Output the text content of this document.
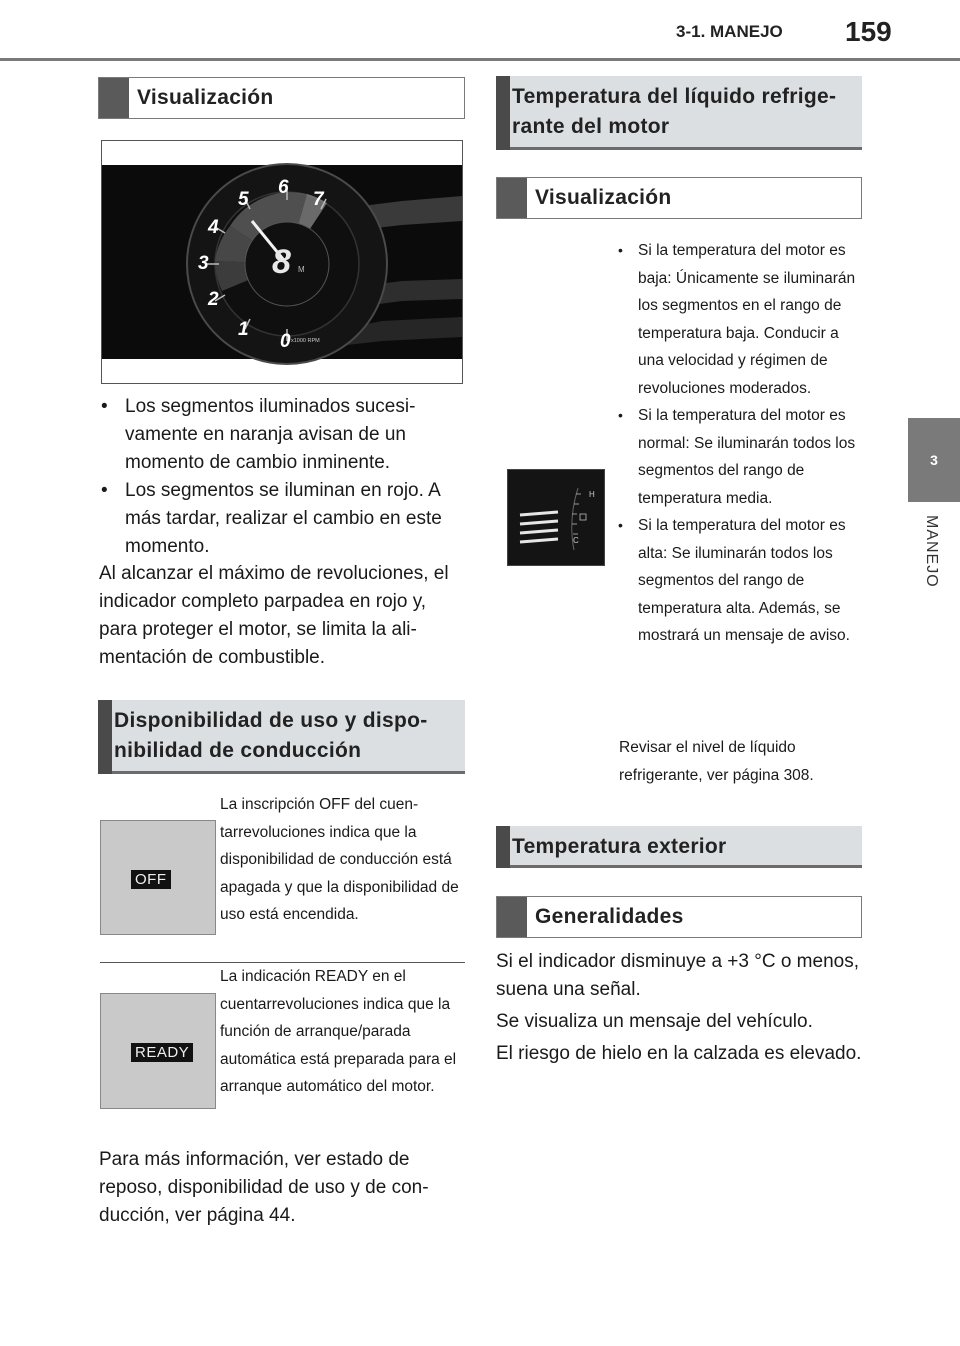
3-1. MANEJO 159
3
MANEJO
Visualización
0
1
2
3
4
5
6
7
8 M
x1000 RPM
• Los segmentos iluminados sucesivamente en naranja avisan de un momento de cambio inminente.
• Los segmentos se iluminan en rojo. A más tardar, realizar el cambio en este momento.
Al alcanzar el máximo de revoluciones, el indicador completo parpadea en rojo y, para proteger el motor, se limita la alimentación de combustible.
Disponibilidad de uso y disponibilidad de conducción
OFF
La inscripción OFF del cuentarrevoluciones indica que la disponibilidad de conducción está apagada y que la disponibilidad de uso está encendida.
READY
La indicación READY en el cuentarrevoluciones indica que la función de arranque/parada automática está preparada para el arranque automático del motor.
Para más información, ver estado de reposo, disponibilidad de uso y de conducción, ver página 44.
Temperatura del líquido refrigerante del motor
Visualización
H
C
• Si la temperatura del motor es baja: Únicamente se iluminarán los segmentos en el rango de temperatura baja. Conducir a una velocidad y régimen de revoluciones moderados.
• Si la temperatura del motor es normal: Se iluminarán todos los segmentos del rango de temperatura media.
• Si la temperatura del motor es alta: Se iluminarán todos los segmentos del rango de temperatura alta. Además, se mostrará un mensaje de aviso.
Revisar el nivel de líquido refrigerante, ver página 308.
Temperatura exterior
Generalidades

Si el indicador disminuye a +3 °C o menos, suena una señal.

Se visualiza un mensaje del vehículo.

El riesgo de hielo en la calzada es elevado.
